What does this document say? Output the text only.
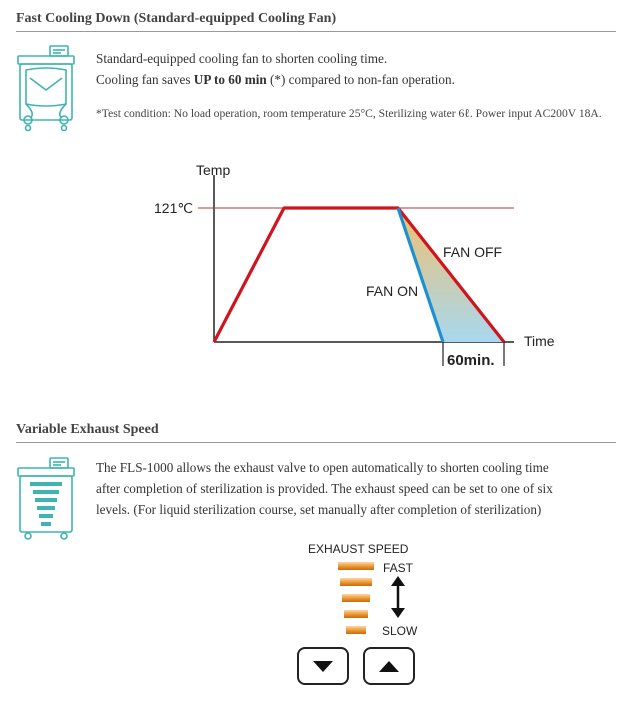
Fast Cooling Down (Standard-equipped Cooling Fan)
Standard-equipped cooling fan to shorten cooling time.
Cooling fan saves UP to 60 min (*) compared to non-fan operation.
*Test condition: No load operation, room temperature 25°C, Sterilizing water 6ℓ. Power input AC200V 18A.
Temp
Time
121℃
FAN OFF
FAN ON
60min.
Variable Exhaust Speed
The FLS-1000 allows the exhaust valve to open automatically to shorten cooling time
after completion of sterilization is provided. The exhaust speed can be set to one of six
levels. (For liquid sterilization course, set manually after completion of sterilization)
EXHAUST SPEED
FAST
SLOW
